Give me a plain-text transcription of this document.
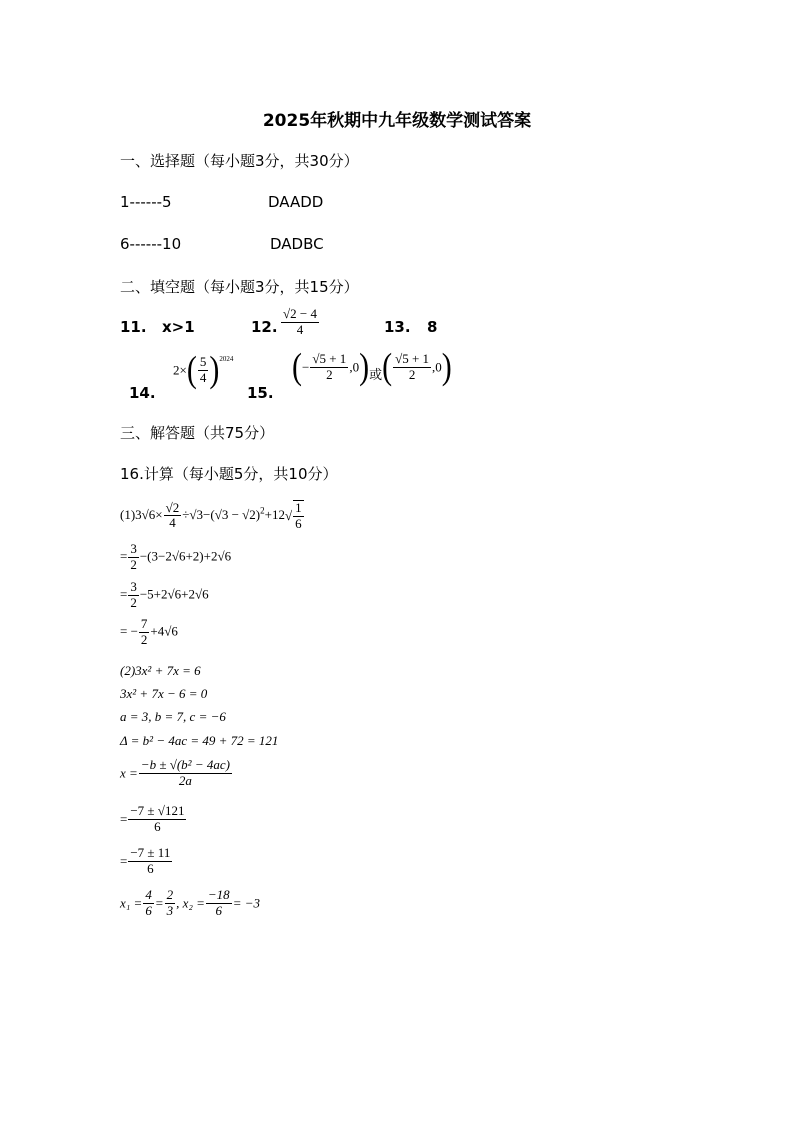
2025年秋期中九年级数学测试答案
一、选择题（每小题3分，共30分）
1------5	DAADD
6------10	DADBC
二、填空题（每小题3分，共15分）
11. x>1	12. $\frac{√2 - 4}{4}$	13. 8
14.
$2\times( \frac{5}{4} )^{2024}$
15.
(− $\frac{√5 + 1}{2} ,0$)或( $\frac{√5 + 1}{2} ,0$)
三、解答题（共75分）
16.计算（每小题5分，共10分）
$(1)3√6\times \frac{√2}{4} \div√3-(√3 - √2)^2+12√ \frac{1}{6}$
= $\frac{3}{2} -(3-2√6+2)+2√6$
= $\frac{3}{2} -5+2√6+2√6$
= − $\frac{7}{2} +4√6$
(2)3x² + 7x = 6
3x² + 7x − 6 = 0
a = 3, b = 7, c = −6
Δ = b² − 4ac = 49 + 72 = 121
$x = \frac{\text{−b ± √(b² − 4ac)}}{2a}$
= $\frac{-7 \pm √121}{6}$
= $\frac{-7 \pm 11}{6}$
$x_1 = \frac{4}{6} = \frac{2}{3}$ , $x_2 = \frac{-18}{6} = -3$
